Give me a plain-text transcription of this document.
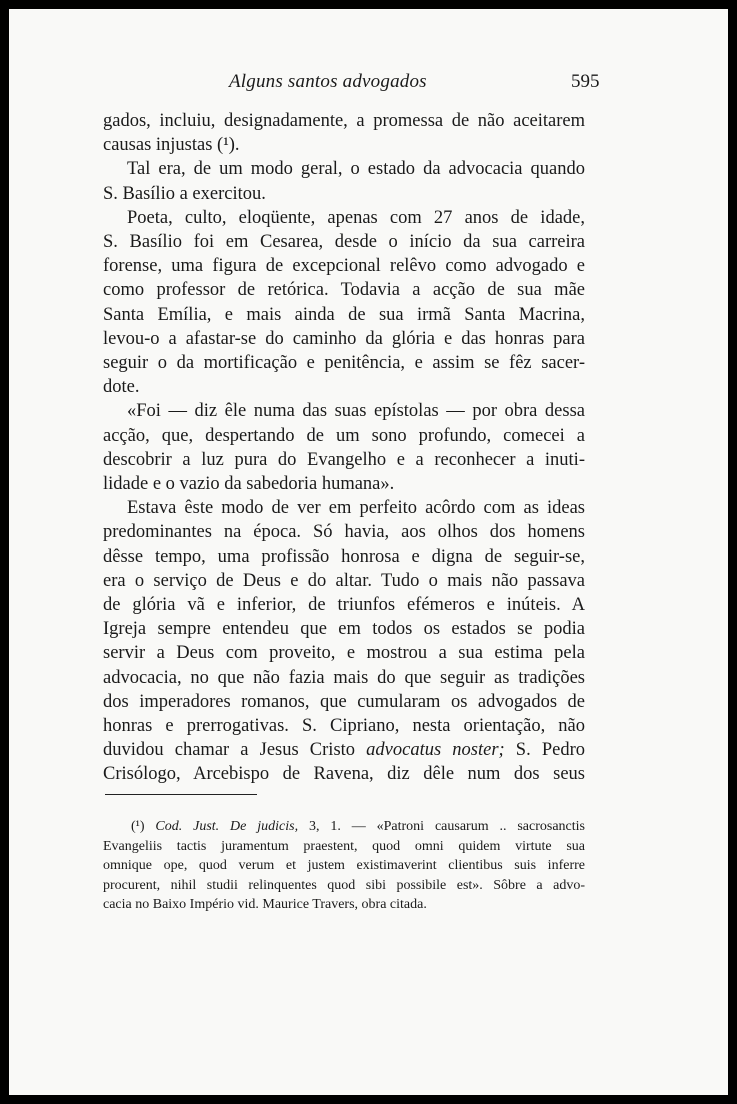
Alguns santos advogados	595

gados, incluiu, designadamente, a promessa de não aceitarem
causas injustas (¹).

Tal era, de um modo geral, o estado da advocacia quando
S. Basílio a exercitou.

Poeta, culto, eloqüente, apenas com 27 anos de idade,
S. Basílio foi em Cesarea, desde o início da sua carreira
forense, uma figura de excepcional relêvo como advogado e
como professor de retórica. Todavia a acção de sua mãe
Santa Emília, e mais ainda de sua irmã Santa Macrina,
levou-o a afastar-se do caminho da glória e das honras para
seguir o da mortificação e penitência, e assim se fêz sacer-
dote.

«Foi — diz êle numa das suas epístolas — por obra dessa
acção, que, despertando de um sono profundo, comecei a
descobrir a luz pura do Evangelho e a reconhecer a inuti-
lidade e o vazio da sabedoria humana».

Estava êste modo de ver em perfeito acôrdo com as ideas
predominantes na época. Só havia, aos olhos dos homens
dêsse tempo, uma profissão honrosa e digna de seguir-se,
era o serviço de Deus e do altar. Tudo o mais não passava
de glória vã e inferior, de triunfos efémeros e inúteis. A
Igreja sempre entendeu que em todos os estados se podia
servir a Deus com proveito, e mostrou a sua estima pela
advocacia, no que não fazia mais do que seguir as tradições
dos imperadores romanos, que cumularam os advogados de
honras e prerrogativas. S. Cipriano, nesta orientação, não
duvidou chamar a Jesus Cristo advocatus noster; S. Pedro
Crisólogo, Arcebispo de Ravena, diz dêle num dos seus

(¹) Cod. Just. De judicis, 3, 1. — «Patroni causarum .. sacrosanctis
Evangeliis tactis juramentum praestent, quod omni quidem virtute sua
omnique ope, quod verum et justem existimaverint clientibus suis inferre
procurent, nihil studii relinquentes quod sibi possibile est». Sôbre a advo-
cacia no Baixo Império vid. Maurice Travers, obra citada.
